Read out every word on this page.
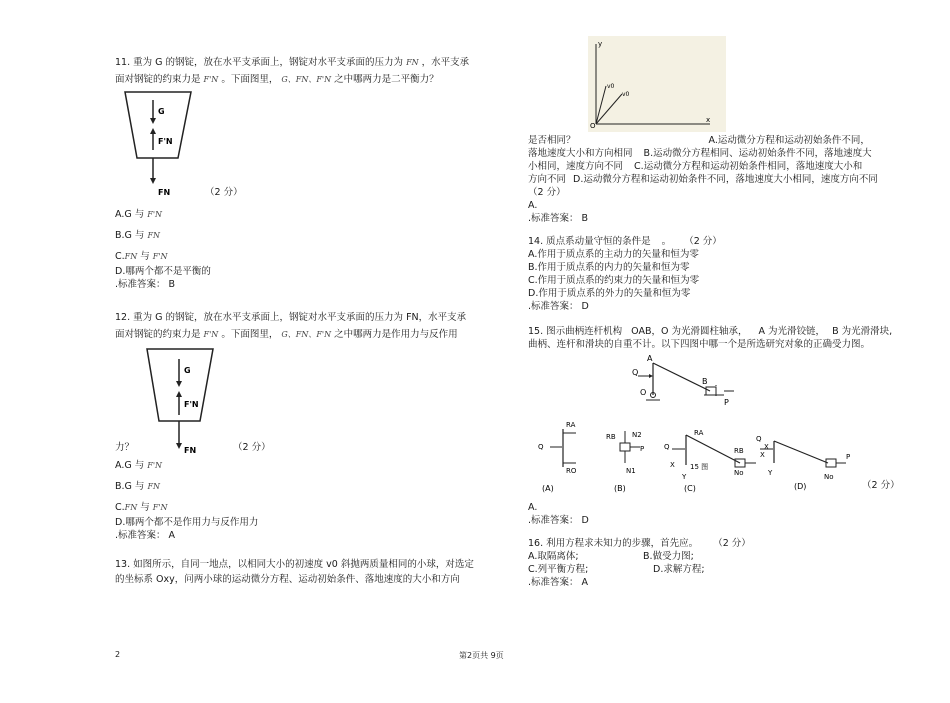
11. 重为 G 的钢锭，放在水平支承面上，钢锭对水平支承面的压力为 FN ，水平支承

面对钢锭的约束力是 F'N 。下面图里， G、FN、F'N 之中哪两力是二平衡力？

G
F'N
FN	（2 分）
A.G 与 F'N
B.G 与 FN
C.FN 与 F'N
D.哪两个都不是平衡的
.标准答案： B

12. 重为 G 的钢锭，放在水平支承面上，钢锭对水平支承面的压力为 FN，水平支承

面对钢锭的约束力是 F'N 。下面图里， G、FN、F'N 之中哪两力是作用力与反作用

G
F'N
FN
力？	（2 分）
A.G 与 F'N
B.G 与 FN
C.FN 与 F'N
D.哪两个都不是作用力与反作用力
.标准答案： A

13. 如图所示，自同一地点，以相同大小的初速度 v0 斜抛两质量相同的小球，对选定

的坐标系 Oxy，问两小球的运动微分方程、运动初始条件、落地速度的大小和方向

y
v0
v0
O
x

是否相同？	A.运动微分方程和运动初始条件不同，

落地速度大小和方向相同 B.运动微分方程相同、运动初始条件不同，落地速度大

小相同，速度方向不同 C.运动微分方程和运动初始条件相同，落地速度大小和

方向不同 D.运动微分方程和运动初始条件不同，落地速度大小相同，速度方向不同

（2 分）

A.

.标准答案： B

14. 质点系动量守恒的条件是 。 （2 分）

A.作用于质点系的主动力的矢量和恒为零

B.作用于质点系的内力的矢量和恒为零

C.作用于质点系的约束力的矢量和恒为零

D.作用于质点系的外力的矢量和恒为零

.标准答案： D

15. 图示曲柄连杆机构 OAB，O 为光滑圆柱轴承， A 为光滑铰链， B 为光滑滑块,

曲柄、连杆和滑块的自重不计。以下四图中哪一个是所选研究对象的正确受力图。

A
Q
B
O
P
RA
Q
RO
(A)
RB N2
P
N1
(B)
Q
RA
RB
X
X
Y
15 图
No
(C)
Q
X
Y
P
No
(D)	（2 分）

A.

.标准答案： D

16. 利用方程求未知力的步骤，首先应。 （2 分）

A.取隔离体;	B.做受力图;

C.列平衡方程;	D.求解方程;

.标准答案： A

2	第2页共 9页
